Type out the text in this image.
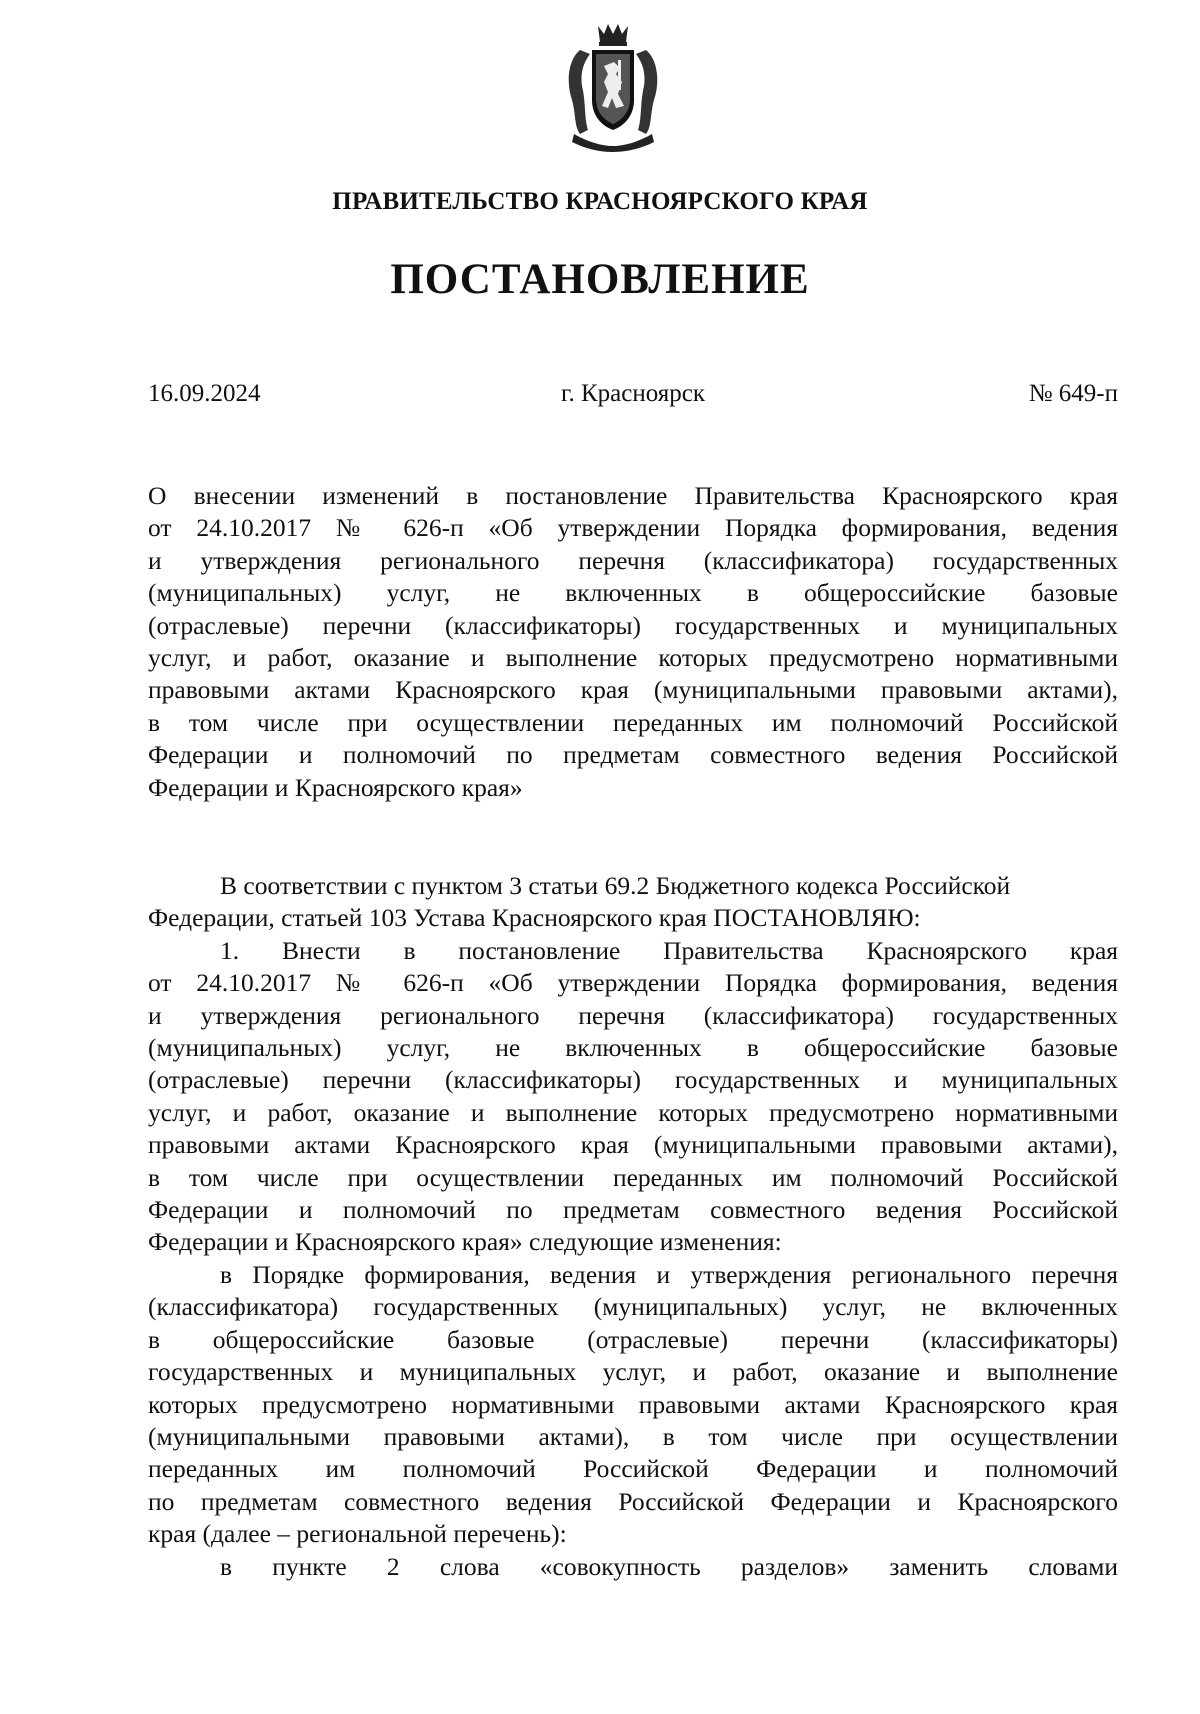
ПРАВИТЕЛЬСТВО КРАСНОЯРСКОГО КРАЯ
ПОСТАНОВЛЕНИЕ
16.09.2024	г. Красноярск	№ 649-п
О внесении изменений в постановление Правительства Красноярского края
от 24.10.2017 № 626-п «Об утверждении Порядка формирования, ведения
и утверждения регионального перечня (классификатора) государственных
(муниципальных) услуг, не включенных в общероссийские базовые
(отраслевые) перечни (классификаторы) государственных и муниципальных
услуг, и работ, оказание и выполнение которых предусмотрено нормативными
правовыми актами Красноярского края (муниципальными правовыми актами),
в том числе при осуществлении переданных им полномочий Российской
Федерации и полномочий по предметам совместного ведения Российской
Федерации и Красноярского края»
В соответствии с пунктом 3 статьи 69.2 Бюджетного кодекса Российской
Федерации, статьей 103 Устава Красноярского края ПОСТАНОВЛЯЮ:
1. Внести в постановление Правительства Красноярского края
от 24.10.2017 № 626-п «Об утверждении Порядка формирования, ведения
и утверждения регионального перечня (классификатора) государственных
(муниципальных) услуг, не включенных в общероссийские базовые
(отраслевые) перечни (классификаторы) государственных и муниципальных
услуг, и работ, оказание и выполнение которых предусмотрено нормативными
правовыми актами Красноярского края (муниципальными правовыми актами),
в том числе при осуществлении переданных им полномочий Российской
Федерации и полномочий по предметам совместного ведения Российской
Федерации и Красноярского края» следующие изменения:
в Порядке формирования, ведения и утверждения регионального перечня
(классификатора) государственных (муниципальных) услуг, не включенных
в общероссийские базовые (отраслевые) перечни (классификаторы)
государственных и муниципальных услуг, и работ, оказание и выполнение
которых предусмотрено нормативными правовыми актами Красноярского края
(муниципальными правовыми актами), в том числе при осуществлении
переданных им полномочий Российской Федерации и полномочий
по предметам совместного ведения Российской Федерации и Красноярского
края (далее – региональной перечень):
в пункте 2 слова «совокупность разделов» заменить словами
